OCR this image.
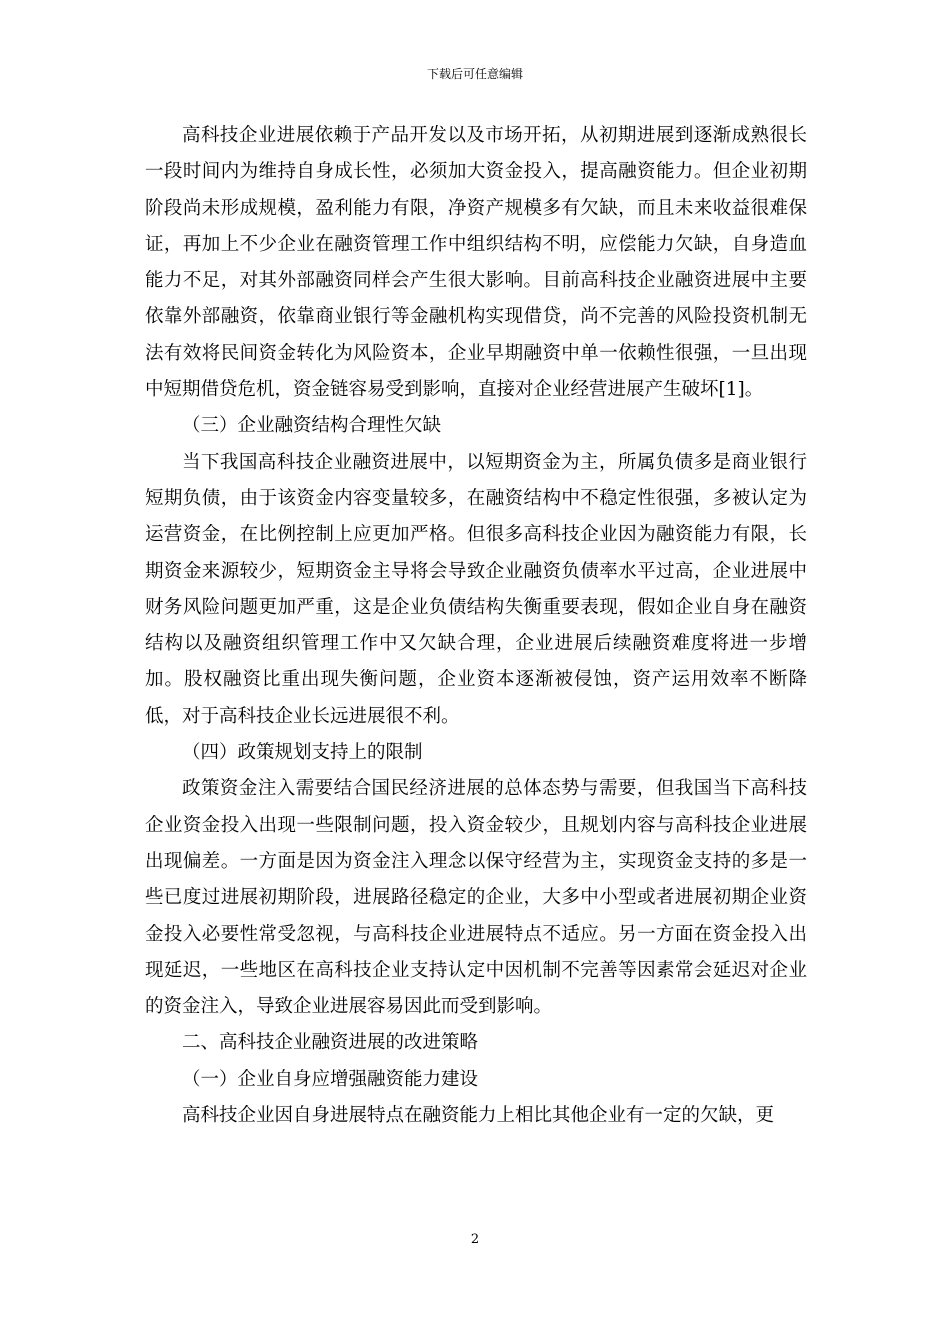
下载后可任意编辑

高科技企业进展依赖于产品开发以及市场开拓，从初期进展到逐渐成熟很长一段时间内为维持自身成长性，必须加大资金投入，提高融资能力。但企业初期阶段尚未形成规模，盈利能力有限，净资产规模多有欠缺，而且未来收益很难保证，再加上不少企业在融资管理工作中组织结构不明，应偿能力欠缺，自身造血能力不足，对其外部融资同样会产生很大影响。目前高科技企业融资进展中主要依靠外部融资，依靠商业银行等金融机构实现借贷，尚不完善的风险投资机制无法有效将民间资金转化为风险资本，企业早期融资中单一依赖性很强，一旦出现中短期借贷危机，资金链容易受到影响，直接对企业经营进展产生破坏[1]。

（三）企业融资结构合理性欠缺

当下我国高科技企业融资进展中，以短期资金为主，所属负债多是商业银行短期负债，由于该资金内容变量较多，在融资结构中不稳定性很强，多被认定为运营资金，在比例控制上应更加严格。但很多高科技企业因为融资能力有限，长期资金来源较少，短期资金主导将会导致企业融资负债率水平过高，企业进展中财务风险问题更加严重，这是企业负债结构失衡重要表现，假如企业自身在融资结构以及融资组织管理工作中又欠缺合理，企业进展后续融资难度将进一步增加。股权融资比重出现失衡问题，企业资本逐渐被侵蚀，资产运用效率不断降低，对于高科技企业长远进展很不利。

（四）政策规划支持上的限制

政策资金注入需要结合国民经济进展的总体态势与需要，但我国当下高科技企业资金投入出现一些限制问题，投入资金较少，且规划内容与高科技企业进展出现偏差。一方面是因为资金注入理念以保守经营为主，实现资金支持的多是一些已度过进展初期阶段，进展路径稳定的企业，大多中小型或者进展初期企业资金投入必要性常受忽视，与高科技企业进展特点不适应。另一方面在资金投入出现延迟，一些地区在高科技企业支持认定中因机制不完善等因素常会延迟对企业的资金注入，导致企业进展容易因此而受到影响。

二、高科技企业融资进展的改进策略

（一）企业自身应增强融资能力建设

高科技企业因自身进展特点在融资能力上相比其他企业有一定的欠缺，更

2
